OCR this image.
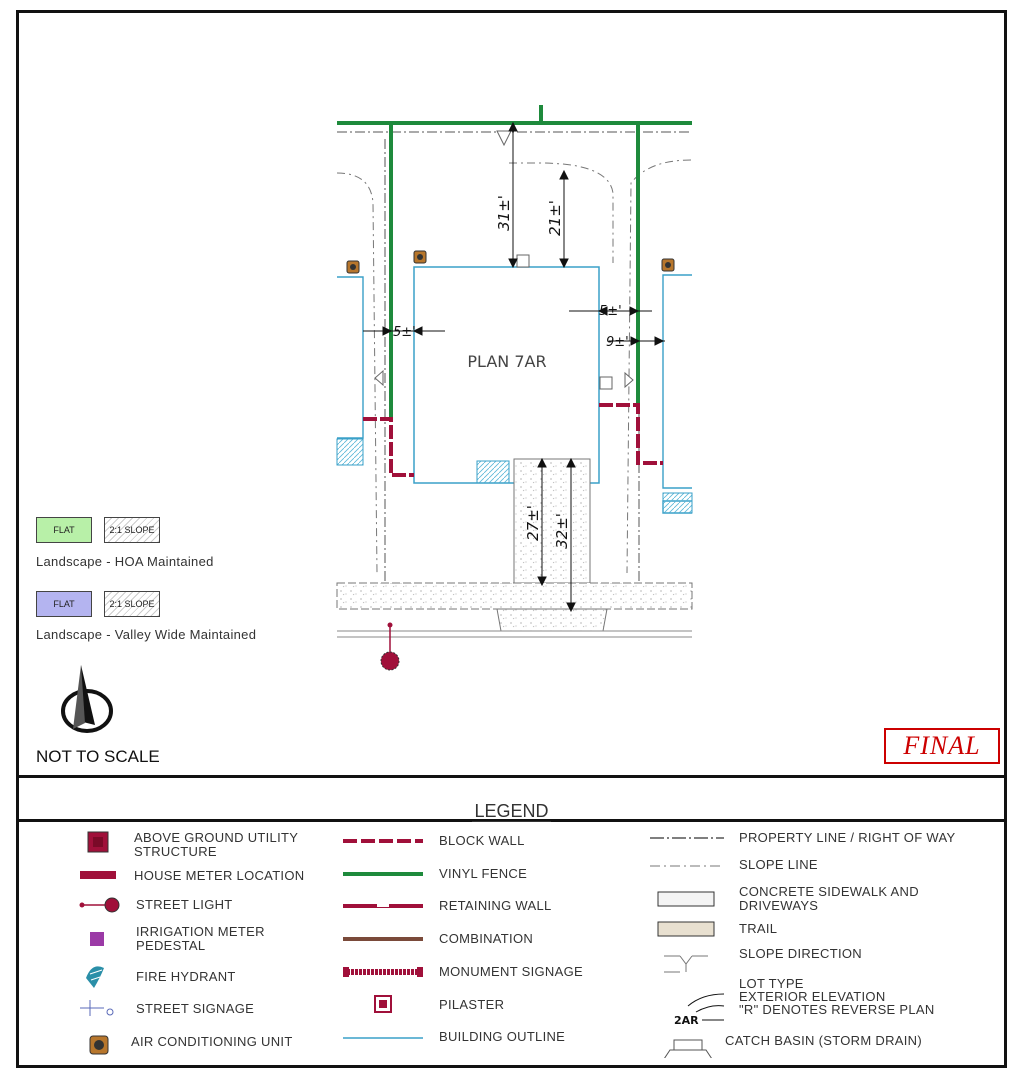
31±' 21±'
5±'
5±'
9±'
27±' 32±'
PLAN 7AR
FLAT	2:1 SLOPE
Landscape - HOA Maintained
FLAT	2:1 SLOPE
Landscape - Valley Wide Maintained
NOT TO SCALE	FINAL
LEGEND
ABOVE GROUND UTILITY STRUCTURE
HOUSE METER LOCATION
STREET LIGHT
IRRIGATION METER PEDESTAL
FIRE HYDRANT
STREET SIGNAGE
AIR CONDITIONING UNIT
BLOCK WALL
VINYL FENCE
RETAINING WALL
COMBINATION
MONUMENT SIGNAGE
PILASTER
BUILDING OUTLINE
2AR
PROPERTY LINE / RIGHT OF WAY
SLOPE LINE
CONCRETE SIDEWALK AND DRIVEWAYS
TRAIL
SLOPE DIRECTION
LOT TYPE
EXTERIOR ELEVATION
"R" DENOTES REVERSE PLAN
CATCH BASIN (STORM DRAIN)
